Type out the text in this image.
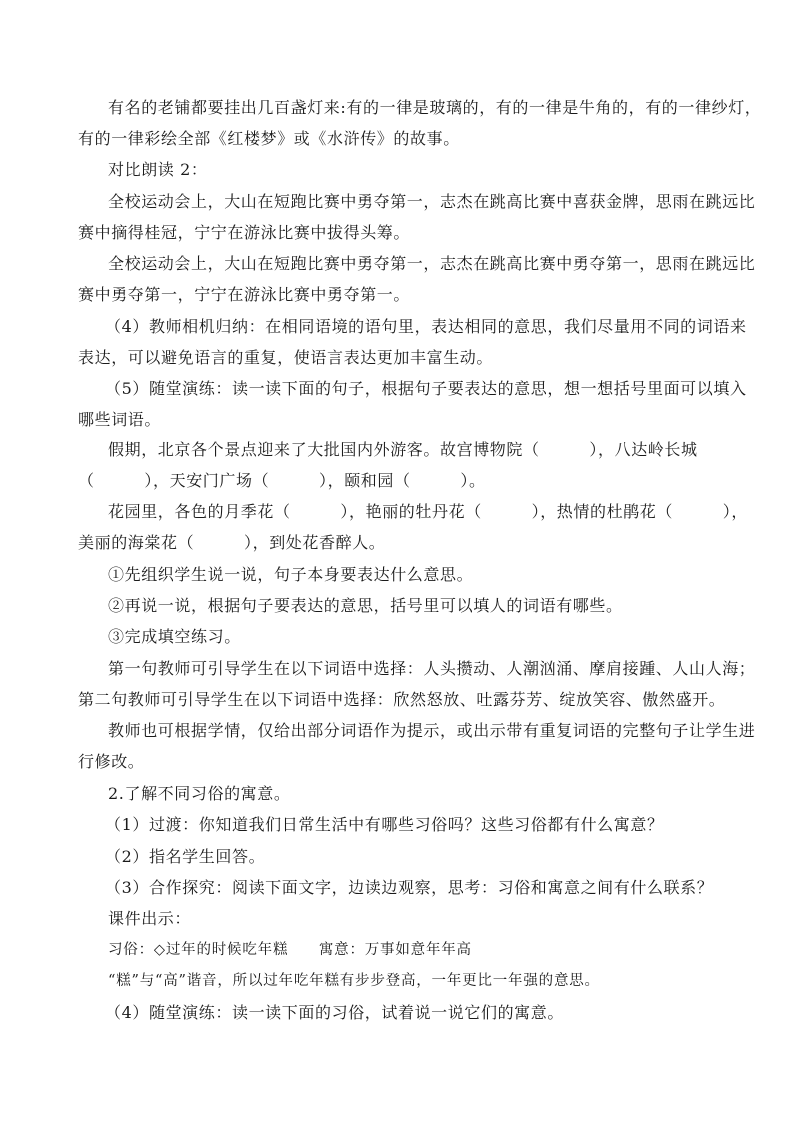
有名的老铺都要挂出几百盏灯来:有的一律是玻璃的，有的一律是牛角的，有的一律纱灯，
有的一律彩绘全部《红楼梦》或《水浒传》的故事。
对比朗读 2：
全校运动会上，大山在短跑比赛中勇夺第一，志杰在跳高比赛中喜获金牌，思雨在跳远比
赛中摘得桂冠，宁宁在游泳比赛中拔得头筹。
全校运动会上，大山在短跑比赛中勇夺第一，志杰在跳高比赛中勇夺第一，思雨在跳远比
赛中勇夺第一，宁宁在游泳比赛中勇夺第一。
（4）教师相机归纳：在相同语境的语句里，表达相同的意思，我们尽量用不同的词语来
表达，可以避免语言的重复，使语言表达更加丰富生动。
（5）随堂演练：读一读下面的句子，根据句子要表达的意思，想一想括号里面可以填入
哪些词语。
假期，北京各个景点迎来了大批国内外游客。故宫博物院（　　　），八达岭长城
（　　　），天安门广场（　　　），颐和园（　　　）。
花园里，各色的月季花（　　　），艳丽的牡丹花（　　　），热情的杜鹃花（　　　），
美丽的海棠花（　　　），到处花香醉人。
①先组织学生说一说，句子本身要表达什么意思。
②再说一说，根据句子要表达的意思，括号里可以填人的词语有哪些。
③完成填空练习。
第一句教师可引导学生在以下词语中选择：人头攒动、人潮汹涌、摩肩接踵、人山人海；
第二句教师可引导学生在以下词语中选择：欣然怒放、吐露芬芳、绽放笑容、傲然盛开。
教师也可根据学情，仅给出部分词语作为提示，或出示带有重复词语的完整句子让学生进
行修改。
2.了解不同习俗的寓意。
（1）过渡：你知道我们日常生活中有哪些习俗吗？这些习俗都有什么寓意？
（2）指名学生回答。
（3）合作探究：阅读下面文字，边读边观察，思考：习俗和寓意之间有什么联系？
课件出示：
习俗：◇过年的时候吃年糕　　寓意：万事如意年年高
“糕”与“高”谐音，所以过年吃年糕有步步登高，一年更比一年强的意思。
（4）随堂演练：读一读下面的习俗，试着说一说它们的寓意。
